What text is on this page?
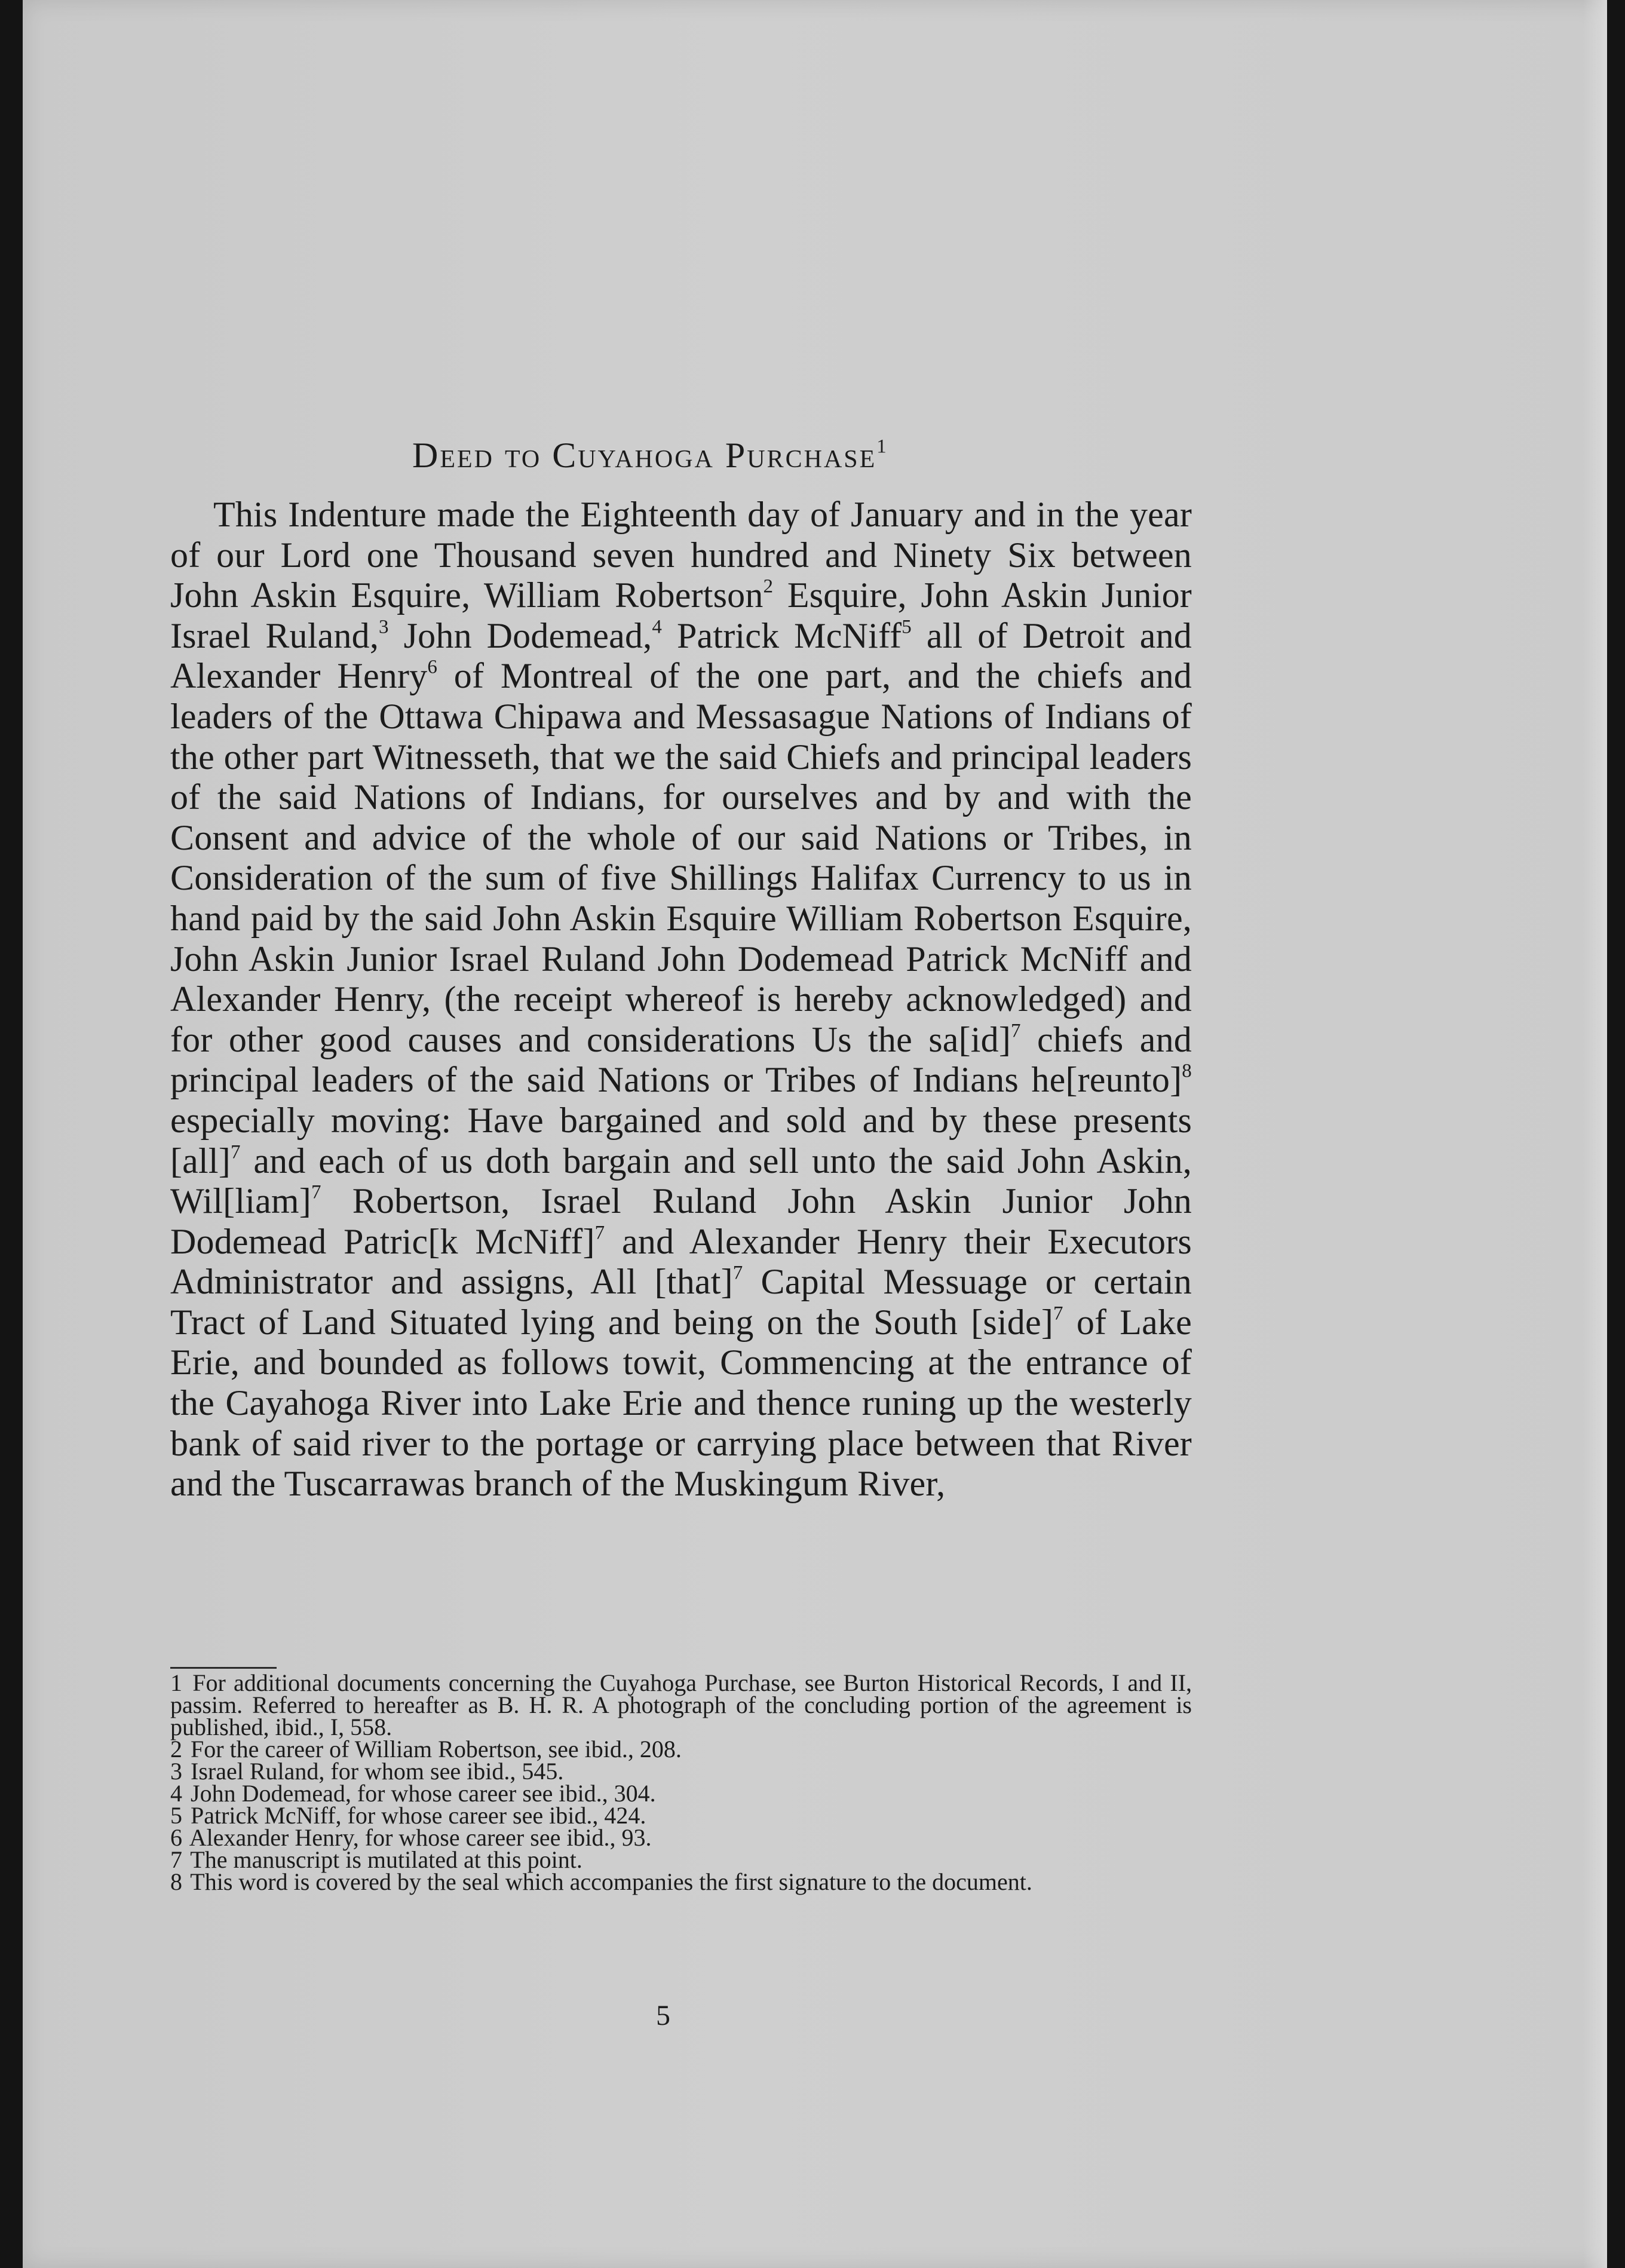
Deed to Cuyahoga Purchase$^1$

This Indenture made the Eighteenth day of January and in the year of our Lord one Thousand seven hundred and Ninety Six between John Askin Esquire, William Robertson$^2$ Esquire, John Askin Junior Israel Ruland,$^3$ John Dodemead,$^4$ Patrick McNiff$^5$ all of Detroit and Alexander Henry$^6$ of Montreal of the one part, and the chiefs and leaders of the Ottawa Chipawa and Messasague Nations of Indians of the other part Witnesseth, that we the said Chiefs and principal leaders of the said Nations of Indians, for ourselves and by and with the Consent and advice of the whole of our said Nations or Tribes, in Consideration of the sum of five Shillings Halifax Currency to us in hand paid by the said John Askin Esquire William Robertson Esquire, John Askin Junior Israel Ruland John Dodemead Patrick McNiff and Alexander Henry, (the receipt whereof is hereby acknowledged) and for other good causes and considerations Us the sa[id]$^7$ chiefs and principal leaders of the said Nations or Tribes of Indians he[reunto]$^8$ especially moving: Have bargained and sold and by these presents [all]$^7$ and each of us doth bargain and sell unto the said John Askin, Wil[liam]$^7$ Robertson, Israel Ruland John Askin Junior John Dodemead Patric[k McNiff]$^7$ and Alexander Henry their Executors Administrator and assigns, All [that]$^7$ Capital Messuage or certain Tract of Land Situated lying and being on the South [side]$^7$ of Lake Erie, and bounded as follows towit, Commencing at the entrance of the Cayahoga River into Lake Erie and thence runing up the westerly bank of said river to the portage or carrying place between that River and the Tuscarrawas branch of the Muskingum River,

1 For additional documents concerning the Cuyahoga Purchase, see Burton Historical Records, I and II, passim. Referred to hereafter as B. H. R. A photograph of the concluding portion of the agreement is published, ibid., I, 558.

2 For the career of William Robertson, see ibid., 208.

3 Israel Ruland, for whom see ibid., 545.

4 John Dodemead, for whose career see ibid., 304.

5 Patrick McNiff, for whose career see ibid., 424.

6 Alexander Henry, for whose career see ibid., 93.

7 The manuscript is mutilated at this point.

8 This word is covered by the seal which accompanies the first signature to the document.

5
